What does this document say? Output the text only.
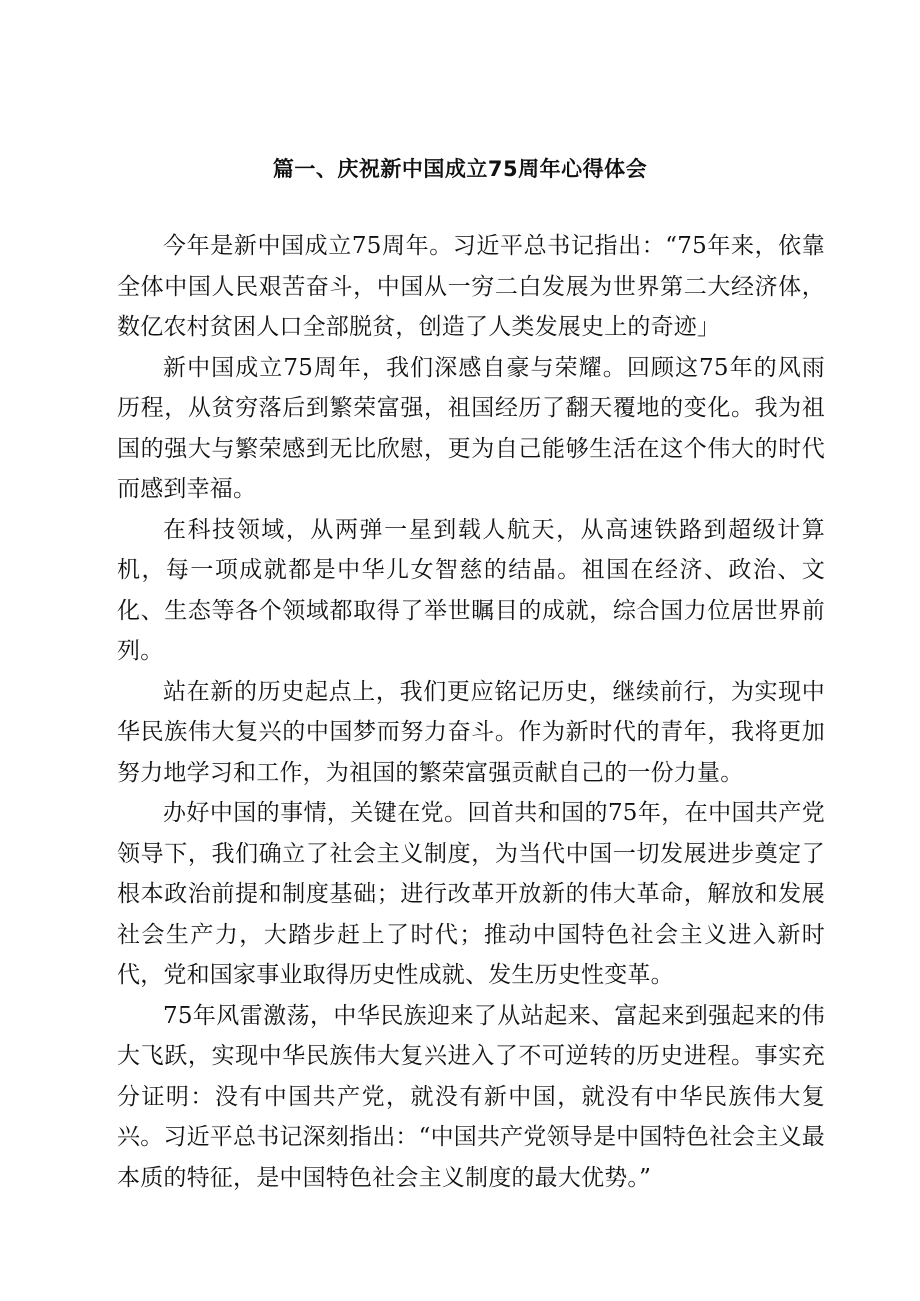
篇一、庆祝新中国成立75周年心得体会

今年是新中国成立75周年。习近平总书记指出：“75年来，依靠全体中国人民艰苦奋斗，中国从一穷二白发展为世界第二大经济体，数亿农村贫困人口全部脱贫，创造了人类发展史上的奇迹」

新中国成立75周年，我们深感自豪与荣耀。回顾这75年的风雨历程，从贫穷落后到繁荣富强，祖国经历了翻天覆地的变化。我为祖国的强大与繁荣感到无比欣慰，更为自己能够生活在这个伟大的时代而感到幸福。

在科技领域，从两弹一星到载人航天，从高速铁路到超级计算机，每一项成就都是中华儿女智慈的结晶。祖国在经济、政治、文化、生态等各个领域都取得了举世瞩目的成就，综合国力位居世界前列。

站在新的历史起点上，我们更应铭记历史，继续前行，为实现中华民族伟大复兴的中国梦而努力奋斗。作为新时代的青年，我将更加努力地学习和工作，为祖国的繁荣富强贡献自己的一份力量。

办好中国的事情，关键在党。回首共和国的75年，在中国共产党领导下，我们确立了社会主义制度，为当代中国一切发展进步奠定了根本政治前提和制度基础；进行改革开放新的伟大革命，解放和发展社会生产力，大踏步赶上了时代；推动中国特色社会主义进入新时代，党和国家事业取得历史性成就、发生历史性变革。

75年风雷激荡，中华民族迎来了从站起来、富起来到强起来的伟大飞跃，实现中华民族伟大复兴进入了不可逆转的历史进程。事实充分证明：没有中国共产党，就没有新中国，就没有中华民族伟大复兴。习近平总书记深刻指出：“中国共产党领导是中国特色社会主义最本质的特征，是中国特色社会主义制度的最大优势。”
